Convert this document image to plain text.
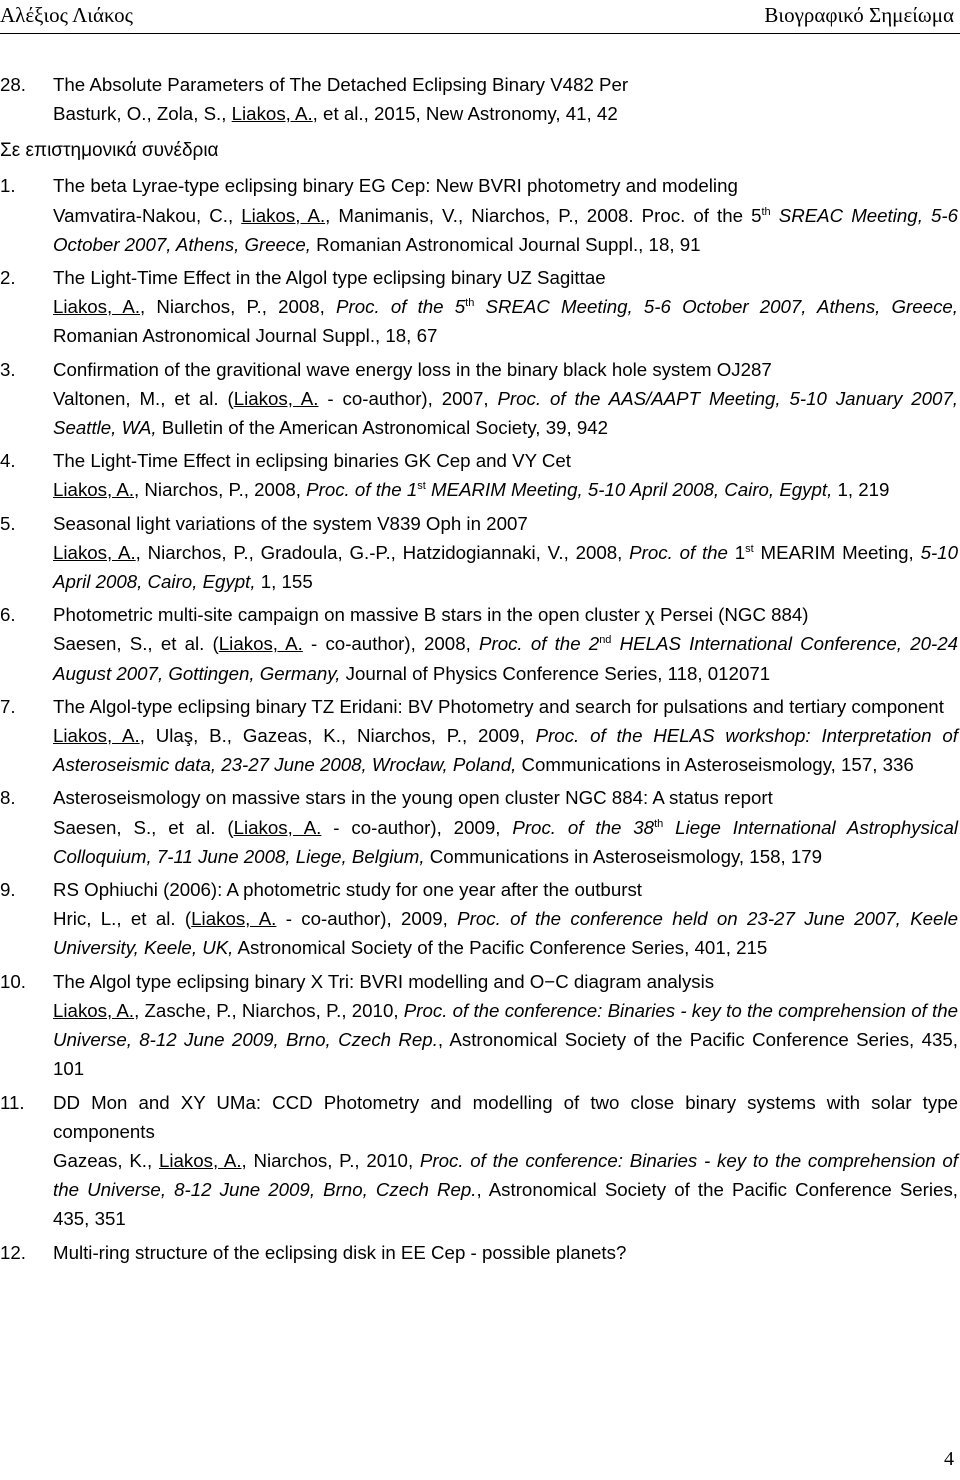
Αλέξιος Λιάκος	Βιογραφικό Σημείωμα
28. The Absolute Parameters of The Detached Eclipsing Binary V482 Per

Basturk, O., Zola, S., Liakos, A., et al., 2015, New Astronomy, 41, 42

Σε επιστημονικά συνέδρια
1. The beta Lyrae-type eclipsing binary EG Cep: New BVRI photometry and modeling

Vamvatira-Nakou, C., Liakos, A., Manimanis, V., Niarchos, P., 2008. Proc. of the 5th SREAC Meeting, 5-6 October 2007, Athens, Greece, Romanian Astronomical Journal Suppl., 18, 91

2. The Light-Time Effect in the Algol type eclipsing binary UZ Sagittae

Liakos, A., Niarchos, P., 2008, Proc. of the 5th SREAC Meeting, 5-6 October 2007, Athens, Greece, Romanian Astronomical Journal Suppl., 18, 67

3. Confirmation of the gravitional wave energy loss in the binary black hole system OJ287

Valtonen, M., et al. (Liakos, A. - co-author), 2007, Proc. of the AAS/AAPT Meeting, 5-10 January 2007, Seattle, WA, Bulletin of the American Astronomical Society, 39, 942

4. The Light-Time Effect in eclipsing binaries GK Cep and VY Cet

Liakos, A., Niarchos, P., 2008, Proc. of the 1st MEARIM Meeting, 5-10 April 2008, Cairo, Egypt, 1, 219

5. Seasonal light variations of the system V839 Oph in 2007

Liakos, A., Niarchos, P., Gradoula, G.-P., Hatzidogiannaki, V., 2008, Proc. of the 1st MEARIM Meeting, 5-10 April 2008, Cairo, Egypt, 1, 155

6. Photometric multi-site campaign on massive B stars in the open cluster χ Persei (NGC 884)

Saesen, S., et al. (Liakos, A. - co-author), 2008, Proc. of the 2nd HELAS International Conference, 20-24 August 2007, Gottingen, Germany, Journal of Physics Conference Series, 118, 012071

7. The Algol-type eclipsing binary TZ Eridani: BV Photometry and search for pulsations and tertiary component

Liakos, A., Ulaş, B., Gazeas, K., Niarchos, P., 2009, Proc. of the HELAS workshop: Interpretation of Asteroseismic data, 23-27 June 2008, Wrocław, Poland, Communications in Asteroseismology, 157, 336

8. Asteroseismology on massive stars in the young open cluster NGC 884: A status report

Saesen, S., et al. (Liakos, A. - co-author), 2009, Proc. of the 38th Liege International Astrophysical Colloquium, 7-11 June 2008, Liege, Belgium, Communications in Asteroseismology, 158, 179

9. RS Ophiuchi (2006): A photometric study for one year after the outburst

Hric, L., et al. (Liakos, A. - co-author), 2009, Proc. of the conference held on 23-27 June 2007, Keele University, Keele, UK, Astronomical Society of the Pacific Conference Series, 401, 215

10. The Algol type eclipsing binary X Tri: BVRI modelling and O−C diagram analysis

Liakos, A., Zasche, P., Niarchos, P., 2010, Proc. of the conference: Binaries - key to the comprehension of the Universe, 8-12 June 2009, Brno, Czech Rep., Astronomical Society of the Pacific Conference Series, 435, 101

11. DD Mon and XY UMa: CCD Photometry and modelling of two close binary systems with solar type components

Gazeas, K., Liakos, A., Niarchos, P., 2010, Proc. of the conference: Binaries - key to the comprehension of the Universe, 8-12 June 2009, Brno, Czech Rep., Astronomical Society of the Pacific Conference Series, 435, 351

12. Multi-ring structure of the eclipsing disk in EE Cep - possible planets?

4
